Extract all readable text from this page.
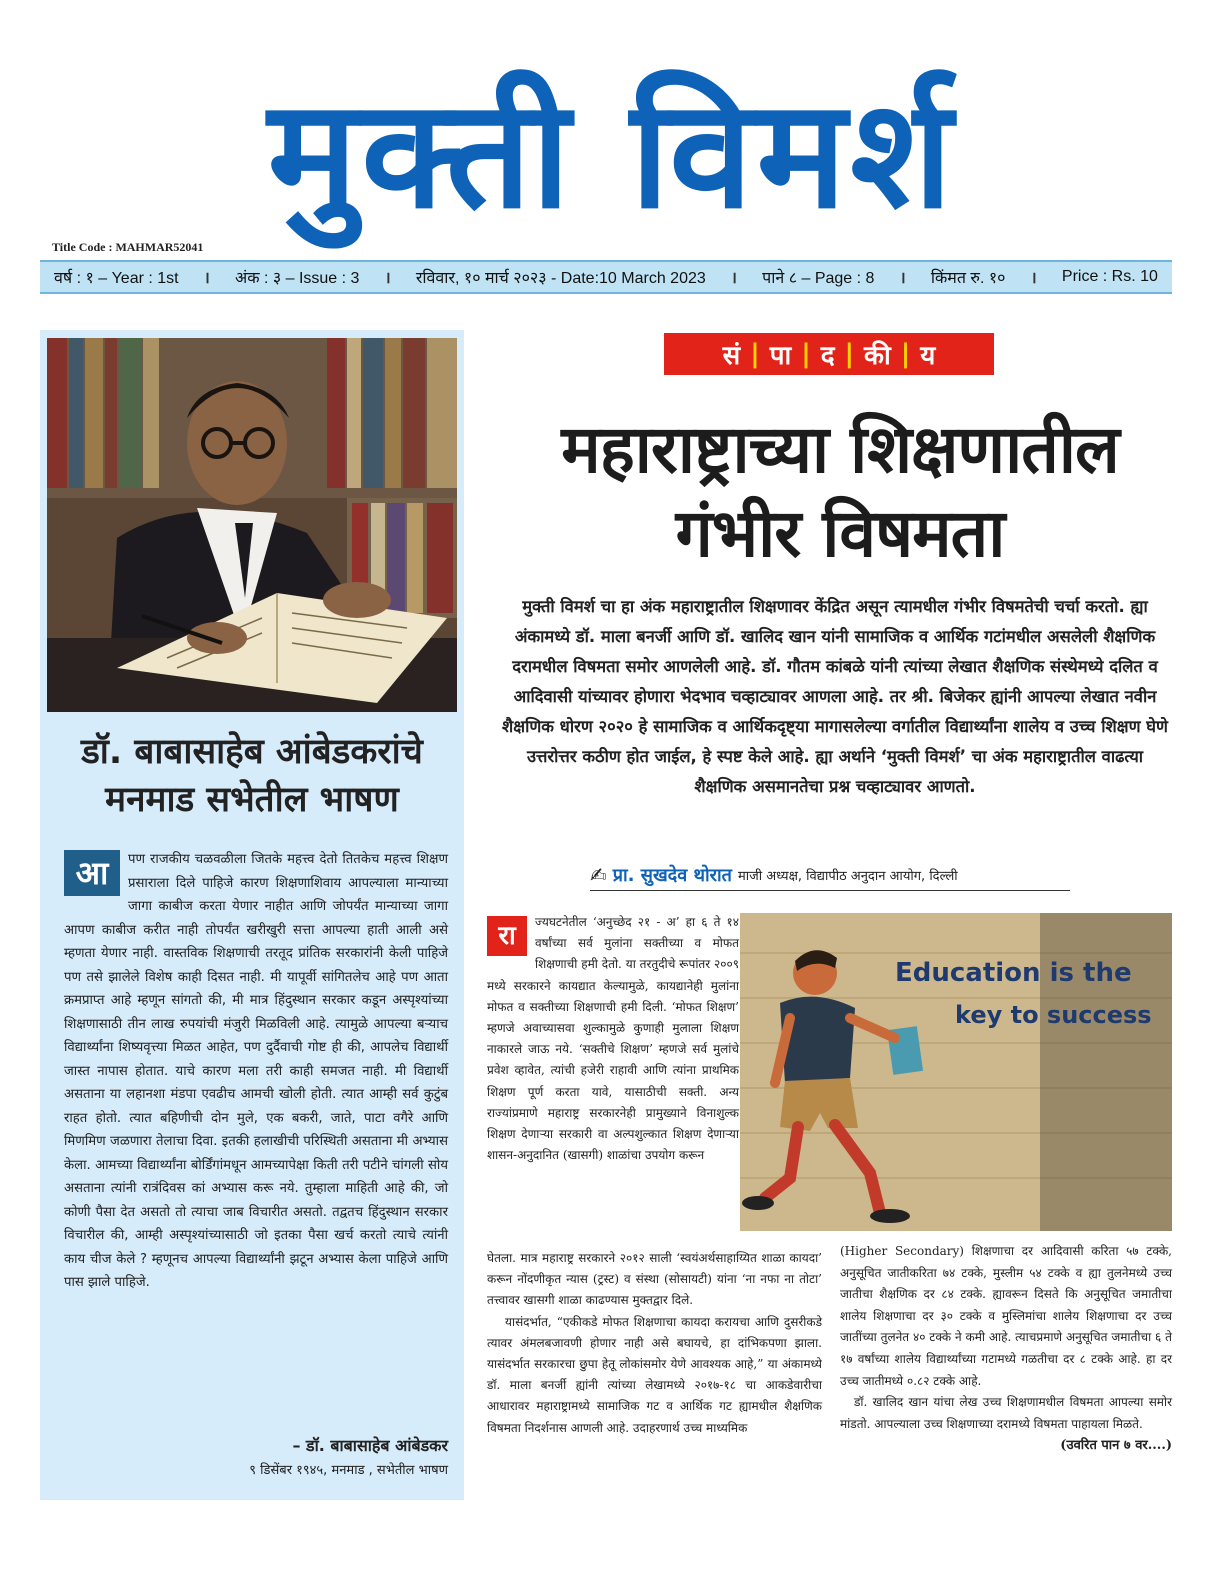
मुक्ती विमर्श
Title Code : MAHMAR52041
वर्ष : १ – Year : 1st । अंक : ३ – Issue : 3 । रविवार, १० मार्च २०२३ - Date:10 March 2023 । पाने ८ – Page : 8 । किंमत रु. १० । Price : Rs. 10
डॉ. बाबासाहेब आंबेडकरांचे
मनमाड सभेतील भाषण
आ	पण राजकीय चळवळीला जितके महत्त्व देतो तितकेच महत्त्व शिक्षण प्रसाराला दिले पाहिजे कारण शिक्षणाशिवाय आपल्याला मान्याच्या जागा काबीज करता येणार नाहीत आणि जोपर्यंत मान्याच्या जागा आपण काबीज करीत नाही तोपर्यंत खरीखुरी सत्ता आपल्या हाती आली असे म्हणता येणार नाही. वास्तविक शिक्षणाची तरतूद प्रांतिक सरकारांनी केली पाहिजे पण तसे झालेले विशेष काही दिसत नाही. मी यापूर्वी सांगितलेच आहे पण आता क्रमप्राप्त आहे म्हणून सांगतो की, मी मात्र हिंदुस्थान सरकार कडून अस्पृश्यांच्या शिक्षणासाठी तीन लाख रुपयांची मंजुरी मिळविली आहे. त्यामुळे आपल्या बऱ्याच विद्यार्थ्यांना शिष्यवृत्त्या मिळत आहेत, पण दुर्दैवाची गोष्ट ही की, आपलेच विद्यार्थी जास्त नापास होतात. याचे कारण मला तरी काही समजत नाही. मी विद्यार्थी असताना या लहानशा मंडपा एवढीच आमची खोली होती. त्यात आम्ही सर्व कुटुंब राहत होतो. त्यात बहिणीची दोन मुले, एक बकरी, जाते, पाटा वगैरे आणि मिणमिण जळणारा तेलाचा दिवा. इतकी हलाखीची परिस्थिती असताना मी अभ्यास केला. आमच्या विद्यार्थ्यांना बोर्डिंगांमधून आमच्यापेक्षा किती तरी पटीने चांगली सोय असताना त्यांनी रात्रंदिवस कां अभ्यास करू नये. तुम्हाला माहिती आहे की, जो कोणी पैसा देत असतो तो त्याचा जाब विचारीत असतो. तद्वतच हिंदुस्थान सरकार विचारील की, आम्ही अस्पृश्यांच्यासाठी जो इतका पैसा खर्च करतो त्याचे त्यांनी काय चीज केले ? म्हणूनच आपल्या विद्यार्थ्यांनी झटून अभ्यास केला पाहिजे आणि पास झाले पाहिजे.
– डॉ. बाबासाहेब आंबेडकर
९ डिसेंबर १९४५, मनमाड , सभेतील भाषण
सं | पा | द | की | य
महाराष्ट्राच्या शिक्षणातील
गंभीर विषमता
मुक्ती विमर्श चा हा अंक महाराष्ट्रातील शिक्षणावर केंद्रित असून त्यामधील गंभीर विषमतेची चर्चा करतो. ह्या अंकामध्ये डॉ. माला बनर्जी आणि डॉ. खालिद खान यांनी सामाजिक व आर्थिक गटांमधील असलेली शैक्षणिक दरामधील विषमता समोर आणलेली आहे. डॉ. गौतम कांबळे यांनी त्यांच्या लेखात शैक्षणिक संस्थेमध्ये दलित व आदिवासी यांच्यावर होणारा भेदभाव चव्हाट्यावर आणला आहे. तर श्री. बिजेकर ह्यांनी आपल्या लेखात नवीन शैक्षणिक धोरण २०२० हे सामाजिक व आर्थिकदृष्ट्या मागासलेल्या वर्गातील विद्यार्थ्यांना शालेय व उच्च शिक्षण घेणे उत्तरोत्तर कठीण होत जाईल, हे स्पष्ट केले आहे. ह्या अर्थाने ‘मुक्ती विमर्श’ चा अंक महाराष्ट्रातील वाढत्या शैक्षणिक असमानतेचा प्रश्न चव्हाट्यावर आणतो.
✍ प्रा. सुखदेव थोरात माजी अध्यक्ष, विद्यापीठ अनुदान आयोग, दिल्ली
रा	ज्यघटनेतील ‘अनुच्छेद २१ - अ’ हा ६ ते १४ वर्षांच्या सर्व मुलांना सक्तीच्या व मोफत शिक्षणाची हमी देतो. या तरतुदीचे रूपांतर २००९ मध्ये सरकारने कायद्यात केल्यामुळे, कायद्यानेही मुलांना मोफत व सक्तीच्या शिक्षणाची हमी दिली. ‘मोफत शिक्षण’ म्हणजे अवाच्यासवा शुल्कामुळे कुणाही मुलाला शिक्षण नाकारले जाऊ नये. ‘सक्तीचे शिक्षण’ म्हणजे सर्व मुलांचे प्रवेश व्हावेत, त्यांची हजेरी राहावी आणि त्यांना प्राथमिक शिक्षण पूर्ण करता यावे, यासाठीची सक्ती. अन्य राज्यांप्रमाणे महाराष्ट्र सरकारनेही प्रामुख्याने विनाशुल्क शिक्षण देणाऱ्या सरकारी वा अल्पशुल्कात शिक्षण देणाऱ्या शासन-अनुदानित (खासगी) शाळांचा उपयोग करून
Education is the
key to success

घेतला. मात्र महाराष्ट्र सरकारने २०१२ साली ‘स्वयंअर्थसाहाय्यित शाळा कायदा’ करून नोंदणीकृत न्यास (ट्रस्ट) व संस्था (सोसायटी) यांना ‘ना नफा ना तोटा’ तत्त्वावर खासगी शाळा काढण्यास मुक्तद्वार दिले.

यासंदर्भात, “एकीकडे मोफत शिक्षणाचा कायदा करायचा आणि दुसरीकडे त्यावर अंमलबजावणी होणार नाही असे बघायचे, हा दांभिकपणा झाला. यासंदर्भात सरकारचा छुपा हेतू लोकांसमोर येणे आवश्यक आहे,” या अंकामध्ये डॉ. माला बनर्जी ह्यांनी त्यांच्या लेखामध्ये २०१७-१८ चा आकडेवारीचा आधारावर महाराष्ट्रामध्ये सामाजिक गट व आर्थिक गट ह्यामधील शैक्षणिक विषमता निदर्शनास आणली आहे. उदाहरणार्थ उच्च माध्यमिक

(Higher Secondary) शिक्षणाचा दर आदिवासी करिता ५७ टक्के, अनुसूचित जातीकरिता ७४ टक्के, मुस्लीम ५४ टक्के व ह्या तुलनेमध्ये उच्च जातीचा शैक्षणिक दर ८४ टक्के. ह्यावरून दिसते कि अनुसूचित जमातीचा शालेय शिक्षणाचा दर ३० टक्के व मुस्लिमांचा शालेय शिक्षणाचा दर उच्च जातींच्या तुलनेत ४० टक्के ने कमी आहे. त्याचप्रमाणे अनुसूचित जमातीचा ६ ते १७ वर्षांच्या शालेय विद्यार्थ्यांच्या गटामध्ये गळतीचा दर ८ टक्के आहे. हा दर उच्च जातीमध्ये ०.८२ टक्के आहे.

डॉ. खालिद खान यांचा लेख उच्च शिक्षणामधील विषमता आपल्या समोर मांडतो. आपल्याला उच्च शिक्षणाच्या दरामध्ये विषमता पाहायला मिळते.

(उवरित पान ७ वर....)
